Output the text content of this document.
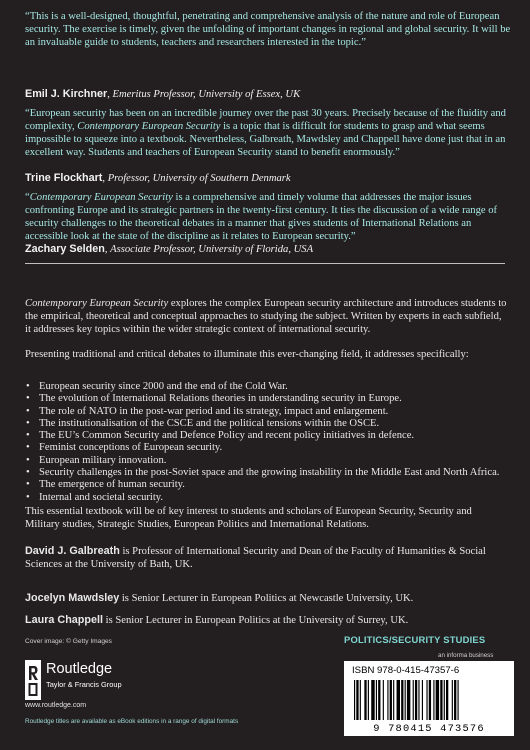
“This is a well-designed, thoughtful, penetrating and comprehensive analysis of the nature and role of European security. The exercise is timely, given the unfolding of important changes in regional and global security. It will be an invaluable guide to students, teachers and researchers interested in the topic.”
Emil J. Kirchner, Emeritus Professor, University of Essex, UK
“European security has been on an incredible journey over the past 30 years. Precisely because of the fluidity and complexity, Contemporary European Security is a topic that is difficult for students to grasp and what seems impossible to squeeze into a textbook. Nevertheless, Galbreath, Mawdsley and Chappell have done just that in an excellent way. Students and teachers of European Security stand to benefit enormously.”
Trine Flockhart, Professor, University of Southern Denmark
“Contemporary European Security is a comprehensive and timely volume that addresses the major issues confronting Europe and its strategic partners in the twenty-first century. It ties the discussion of a wide range of security challenges to the theoretical debates in a manner that gives students of International Relations an accessible look at the state of the discipline as it relates to European security.”
Zachary Selden, Associate Professor, University of Florida, USA
Contemporary European Security explores the complex European security architecture and introduces students to the empirical, theoretical and conceptual approaches to studying the subject. Written by experts in each subfield, it addresses key topics within the wider strategic context of international security.
Presenting traditional and critical debates to illuminate this ever-changing field, it addresses specifically:
• European security since 2000 and the end of the Cold War.
• The evolution of International Relations theories in understanding security in Europe.
• The role of NATO in the post-war period and its strategy, impact and enlargement.
• The institutionalisation of the CSCE and the political tensions within the OSCE.
• The EU’s Common Security and Defence Policy and recent policy initiatives in defence.
• Feminist conceptions of European security.
• European military innovation.
• Security challenges in the post-Soviet space and the growing instability in the Middle East and North Africa.
• The emergence of human security.
• Internal and societal security.
This essential textbook will be of key interest to students and scholars of European Security, Security and Military studies, Strategic Studies, European Politics and International Relations.
David J. Galbreath is Professor of International Security and Dean of the Faculty of Humanities & Social Sciences at the University of Bath, UK.
Jocelyn Mawdsley is Senior Lecturer in European Politics at Newcastle University, UK.
Laura Chappell is Senior Lecturer in European Politics at the University of Surrey, UK.
Cover image: © Getty Images	POLITICS/SECURITY STUDIES
an informa business
Routledge
Taylor & Francis Group
www.routledge.com
Routledge titles are available as eBook editions in a range of digital formats
ISBN 978-0-415-47357-6
9 780415 473576
